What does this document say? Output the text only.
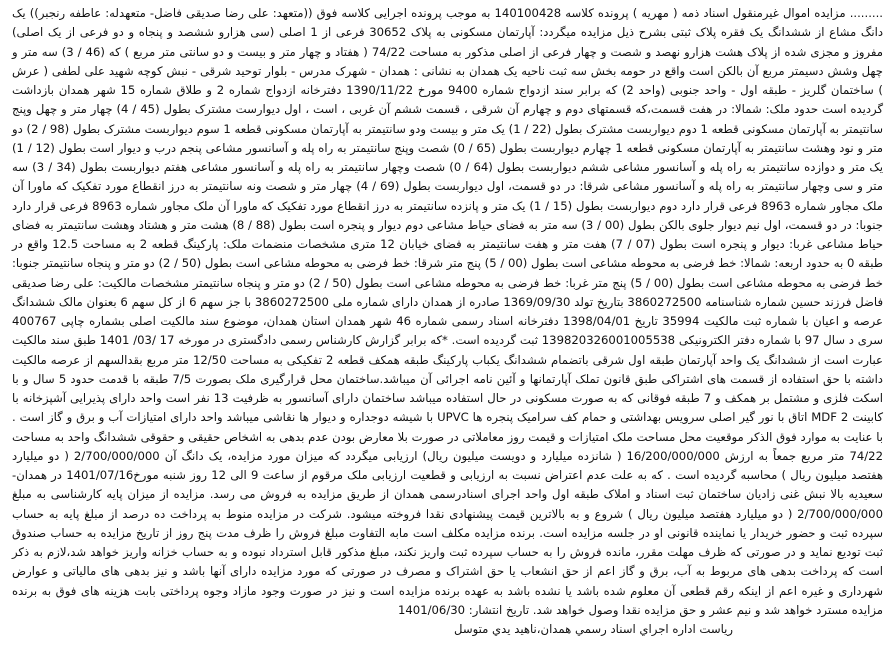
......... مزایده اموال غیرمنقول اسناد ذمه ( مهریه ) پرونده کلاسه 140100428 به موجب پرونده اجرایی کلاسه فوق ((متعهد: علی رضا صدیقی فاضل- متعهدله: عاطفه رنجبر)) یک دانگ مشاع از ششدانگ یک فقره پلاک ثبتی بشرح ذیل مزایده میگردد: آپارتمان مسکونی به پلاک 30652 فرعی از 1 اصلی (سی هزارو ششصد و پنجاه و دو فرعی از یک اصلی) مفروز و مجزی شده از پلاک هشت هزارو نهصد و شصت و چهار فرعی از اصلی مذکور به مساحت 74/22 ( هفتاد و چهار متر و بیست و دو سانتی متر مربع ) که (46 / 3) سه متر و چهل وشش دسیمتر مربع آن بالکن است واقع در حومه بخش سه ثبت ناحیه یک همدان به نشانی : همدان - شهرک مدرس - بلوار توحید شرقی - نبش کوچه شهید علی لطفی ( عرش ) ساختمان گلریز - طبقه اول - واحد جنوبی (واحد 2) که برابر سند ازدواج شماره 9400 مورخ 1390/11/22 دفترخانه ازدواج شماره 2 و طلاق شماره 15 شهر همدان بازداشت گردیده است حدود ملک: شمالا: در هفت قسمت،که قسمتهای دوم و چهارم آن شرقی ، قسمت ششم آن غربی ، است ، اول دیوارست مشترک بطول (45 / 4) چهار متر و چهل وپنج سانتیمتر به آپارتمان مسکونی قطعه 1 دوم دیواربست مشترک بطول (22 / 1) یک متر و بیست ودو سانتیمتر به آپارتمان مسکونی قطعه 1 سوم دیواربست مشترک بطول (98 / 2) دو متر و نود وهشت سانتیمتر به آپارتمان مسکونی قطعه 1 چهارم دیواربست بطول (65 / 0) شصت وپنج سانتیمتر به راه پله و آسانسور مشاعی پنجم درب و دیوار است بطول (12 / 1) یک متر و دوازده سانتیمتر به راه پله و آسانسور مشاعی ششم دیواربست بطول (64 / 0) شصت وچهار سانتیمتر به راه پله و آسانسور مشاعی هفتم دیواربست بطول (34 / 3) سه متر و سی وچهار سانتیمتر به راه پله و آسانسور مشاعی شرقا: در دو قسمت، اول دیواربست بطول (69 / 4) چهار متر و شصت ونه سانتیمتر به درز انقطاع مورد تفکیک که ماورا آن ملک مجاور شماره 8963 فرعی قرار دارد دوم دیواربست بطول (15 / 1) یک متر و پانزده سانتیمتر به درز انقطاع مورد تفکیک که ماورا آن ملک مجاور شماره 8963 فرعی قرار دارد جنوبا: در دو قسمت، اول نیم دیوار جلوی بالکن بطول (00 / 3) سه متر به فضای حیاط مشاعی دوم دیوار و پنجره است بطول (88 / 8) هشت متر و هشتاد وهشت سانتیمتر به فضای حیاط مشاعی غربا: دیوار و پنجره است بطول (07 / 7) هفت متر و هفت سانتیمتر به فضای خیابان 12 متری مشخصات منضمات ملک: پارکینگ قطعه 2 به مساحت 12.5 واقع در طبقه 0 به حدود اربعه: شمالا: خط فرضی به محوطه مشاعی است بطول (00 / 5) پنج متر شرقا: خط فرضی به محوطه مشاعی است بطول (50 / 2) دو متر و پنجاه سانتیمتر جنوبا: خط فرضی به محوطه مشاعی است بطول (00 / 5) پنج متر غربا: خط فرضی به محوطه مشاعی است بطول (50 / 2) دو متر و پنجاه سانتیمتر مشخصات مالکیت: علی رضا صدیقی فاضل فرزند حسین شماره شناسنامه 3860272500 بتاریخ تولد 1369/09/30 صادره از همدان دارای شماره ملی 3860272500 با جز سهم 6 از کل سهم 6 بعنوان مالک ششدانگ عرصه و اعیان با شماره ثبت مالکیت 35994 تاریخ 1398/04/01 دفترخانه اسناد رسمی شماره 46 شهر همدان استان همدان، موضوع سند مالکیت اصلی بشماره چاپی 400767 سری د سال 97 با شماره دفتر الکترونیکی 139820326001005538 ثبت گردیده است. *که برابر گزارش کارشناس رسمی دادگستری در مورخه 17 /03/ 1401 طبق سند مالکیت عبارت است از ششدانگ یک واحد آپارتمان طبقه اول شرقی باتضمام ششدانگ یکباب پارکینگ طبقه همکف قطعه 2 تفکیکی به مساحت 12/50 متر مربع بقدالسهم از عرصه مالکیت داشته با حق استفاده از قسمت های اشتراکی طبق قانون تملک آپارتمانها و آئین نامه اجرائی آن میباشد.ساختمان محل قرارگیری ملک بصورت 7/5 طبقه با قدمت حدود 5 سال و با اسکت فلزی و مشتمل بر همکف و 7 طبقه فوقانی که به صورت مسکونی در حال استفاده میباشد ساختمان دارای آسانسور به ظرفیت 13 نفر است واحد دارای پذیرایی آشپزخانه با کابینت MDF 2 اتاق با نور گیر اصلی سرویس بهداشتی و حمام کف سرامیک پنجره ها UPVC با شیشه دوجداره و دیوار ها نقاشی میباشد واحد دارای امتیازات آب و برق و گاز است . با عنایت به موارد فوق الذکر موقعیت محل مساحت ملک امتیازات و قیمت روز معاملاتی در صورت بلا معارض بودن عدم بدهی به اشخاص حقیقی و حقوقی ششدانگ واحد به مساحت 74/22 متر مربع جمعاً به ارزش 16/200/000/000 ( شانزده میلیارد و دویست میلیون ریال) ارزیابی میگردد که میزان مورد مزایده، یک دانگ آن 2/700/000/000 ( دو میلیارد هفتصد میلیون ریال ) محاسبه گردیده است . که به علت عدم اعتراض نسبت به ارزیابی و قطعیت ارزیابی ملک مرقوم از ساعت 9 الی 12 روز شنبه مورخ1401/07/16 در همدان-سعیدیه بالا نبش غنی زادیان ساختمان ثبت اسناد و املاک طبقه اول واحد اجرای اسنادرسمی همدان از طریق مزایده به فروش می رسد. مزایده از میزان پایه کارشناسی به مبلغ 2/700/000/000 ( دو میلیارد هفتصد میلیون ریال ) شروع و به بالاترین قیمت پیشنهادی نقدا فروخته میشود. شرکت در مزایده منوط به پرداخت ده درصد از مبلغ پایه به حساب سپرده ثبت و حضور خریدار یا نماینده قانونی او در جلسه مزایده است. برنده مزایده مکلف است مابه التفاوت مبلغ فروش را ظرف مدت پنج روز از تاریخ مزایده به حساب صندوق ثبت تودیع نماید و در صورتی که ظرف مهلت مقرر، مانده فروش را به حساب سپرده ثبت واریز نکند، مبلغ مذکور قابل استرداد نبوده و به حساب خزانه واریز خواهد شد،لازم به ذکر است که پرداخت بدهی های مربوط به آب، برق و گاز اعم از حق انشعاب یا حق اشتراک و مصرف در صورتی که مورد مزایده دارای آنها باشد و نیز بدهی های مالیاتی و عوارض شهرداری و غیره اعم از اینکه رقم قطعی آن معلوم شده باشد یا نشده باشد به عهده برنده مزایده است و نیز در صورت وجود مازاد وجوه پرداختی بابت هزینه های فوق به برنده مزایده مسترد خواهد شد و نیم عشر و حق مزایده نقدا وصول خواهد شد. تاریخ انتشار: 1401/06/30

رياست اداره اجراي اسناد رسمي همدان،ناهيد يدي متوسل
